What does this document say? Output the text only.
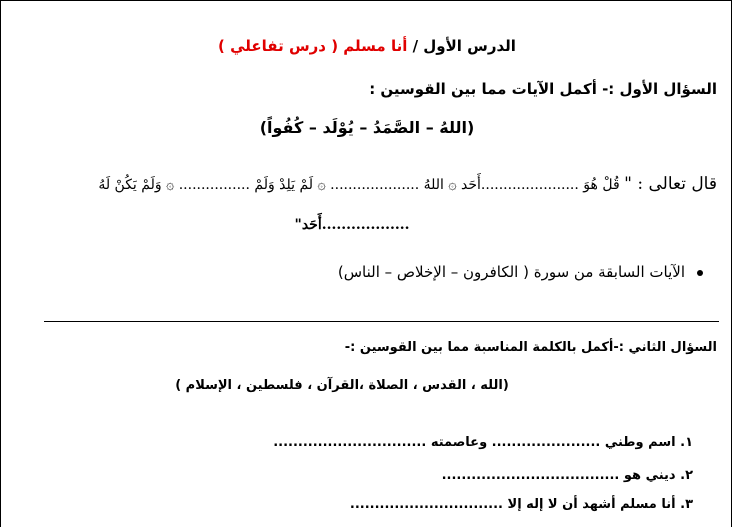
الدرس الأول / أنا مسلم ( درس تفاعلي )
السؤال الأول :- أكمل الآيات مما بين القوسين :
(اللهُ – الصَّمَدُ – يُوْلَد – كُفُواً)
قال تعالى : " قُلْ هُوَ ......................أَحَد ۞ اللهُ .................... ۞ لَمْ يَلِدْ وَلَمْ ................ ۞ وَلَمْ يَكُنْ لَهُ
..................أَحَد"
الآيات السابقة من سورة ( الكافرون – الإخلاص – الناس)
السؤال الثاني :-أكمل بالكلمة المناسبة مما بين القوسين :-
(الله ، القدس ، الصلاة ،القرآن ، فلسطين ، الإسلام )
١. اسم وطني ...................... وعاصمته ...............................
٢. ديني هو ....................................
٣. أنا مسلم أشهد أن لا إله إلا ...............................
